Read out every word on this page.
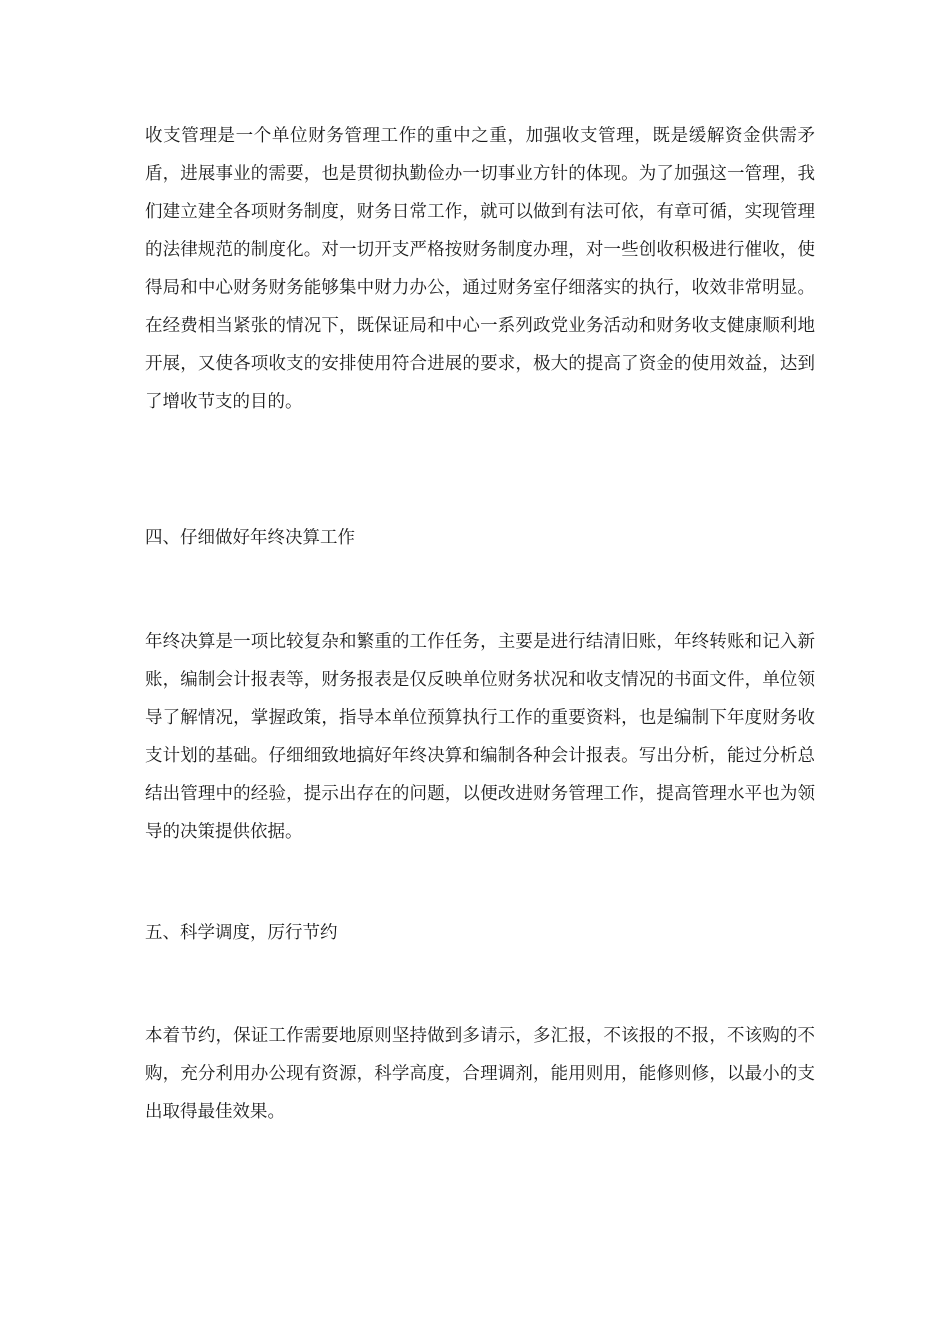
收支管理是一个单位财务管理工作的重中之重，加强收支管理，既是缓解资金供需矛盾，进展事业的需要，也是贯彻执勤俭办一切事业方针的体现。为了加强这一管理，我们建立建全各项财务制度，财务日常工作，就可以做到有法可依，有章可循，实现管理的法律规范的制度化。对一切开支严格按财务制度办理，对一些创收积极进行催收，使得局和中心财务财务能够集中财力办公，通过财务室仔细落实的执行，收效非常明显。在经费相当紧张的情况下，既保证局和中心一系列政党业务活动和财务收支健康顺利地开展，又使各项收支的安排使用符合进展的要求，极大的提高了资金的使用效益，达到了增收节支的目的。

四、仔细做好年终决算工作

年终决算是一项比较复杂和繁重的工作任务，主要是进行结清旧账，年终转账和记入新账，编制会计报表等，财务报表是仅反映单位财务状况和收支情况的书面文件，单位领导了解情况，掌握政策，指导本单位预算执行工作的重要资料，也是编制下年度财务收支计划的基础。仔细细致地搞好年终决算和编制各种会计报表。写出分析，能过分析总结出管理中的经验，提示出存在的问题，以便改进财务管理工作，提高管理水平也为领导的决策提供依据。

五、科学调度，厉行节约

本着节约，保证工作需要地原则坚持做到多请示，多汇报，不该报的不报，不该购的不购，充分利用办公现有资源，科学高度，合理调剂，能用则用，能修则修，以最小的支出取得最佳效果。
